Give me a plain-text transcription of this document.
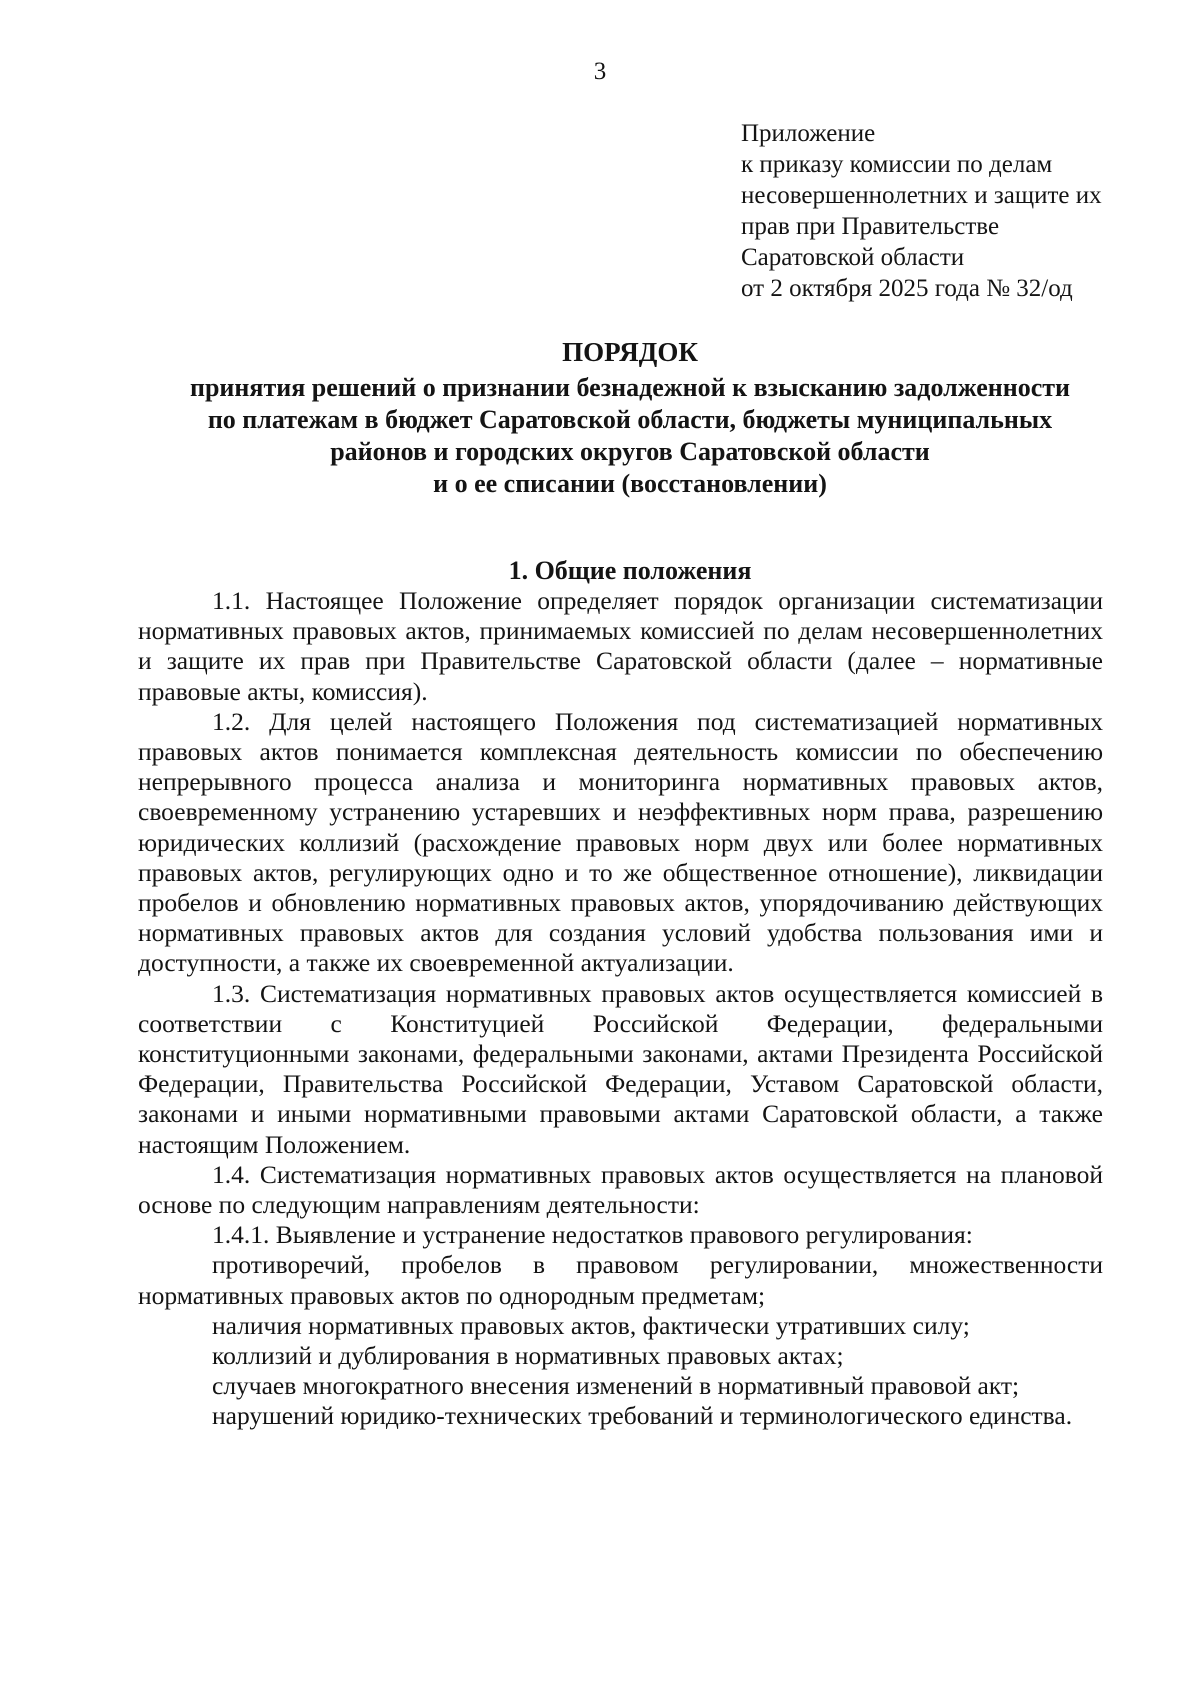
3
Приложение
к приказу комиссии по делам
несовершеннолетних и защите их
прав при Правительстве
Саратовской области
от 2 октября 2025 года № 32/од
ПОРЯДОК
принятия решений о признании безнадежной к взысканию задолженности
по платежам в бюджет Саратовской области, бюджеты муниципальных
районов и городских округов Саратовской области
и о ее списании (восстановлении)
1. Общие положения

1.1. Настоящее Положение определяет порядок организации систематизации нормативных правовых актов, принимаемых комиссией по делам несовершеннолетних и защите их прав при Правительстве Саратовской области (далее – нормативные правовые акты, комиссия).

1.2. Для целей настоящего Положения под систематизацией нормативных правовых актов понимается комплексная деятельность комиссии по обеспечению непрерывного процесса анализа и мониторинга нормативных правовых актов, своевременному устранению устаревших и неэффективных норм права, разрешению юридических коллизий (расхождение правовых норм двух или более нормативных правовых актов, регулирующих одно и то же общественное отношение), ликвидации пробелов и обновлению нормативных правовых актов, упорядочиванию действующих нормативных правовых актов для создания условий удобства пользования ими и доступности, а также их своевременной актуализации.

1.3. Систематизация нормативных правовых актов осуществляется комиссией в соответствии с Конституцией Российской Федерации, федеральными конституционными законами, федеральными законами, актами Президента Российской Федерации, Правительства Российской Федерации, Уставом Саратовской области, законами и иными нормативными правовыми актами Саратовской области, а также настоящим Положением.

1.4. Систематизация нормативных правовых актов осуществляется на плановой основе по следующим направлениям деятельности:

1.4.1. Выявление и устранение недостатков правового регулирования:

противоречий, пробелов в правовом регулировании, множественности нормативных правовых актов по однородным предметам;

наличия нормативных правовых актов, фактически утративших силу;

коллизий и дублирования в нормативных правовых актах;

случаев многократного внесения изменений в нормативный правовой акт;

нарушений юридико-технических требований и терминологического единства.
